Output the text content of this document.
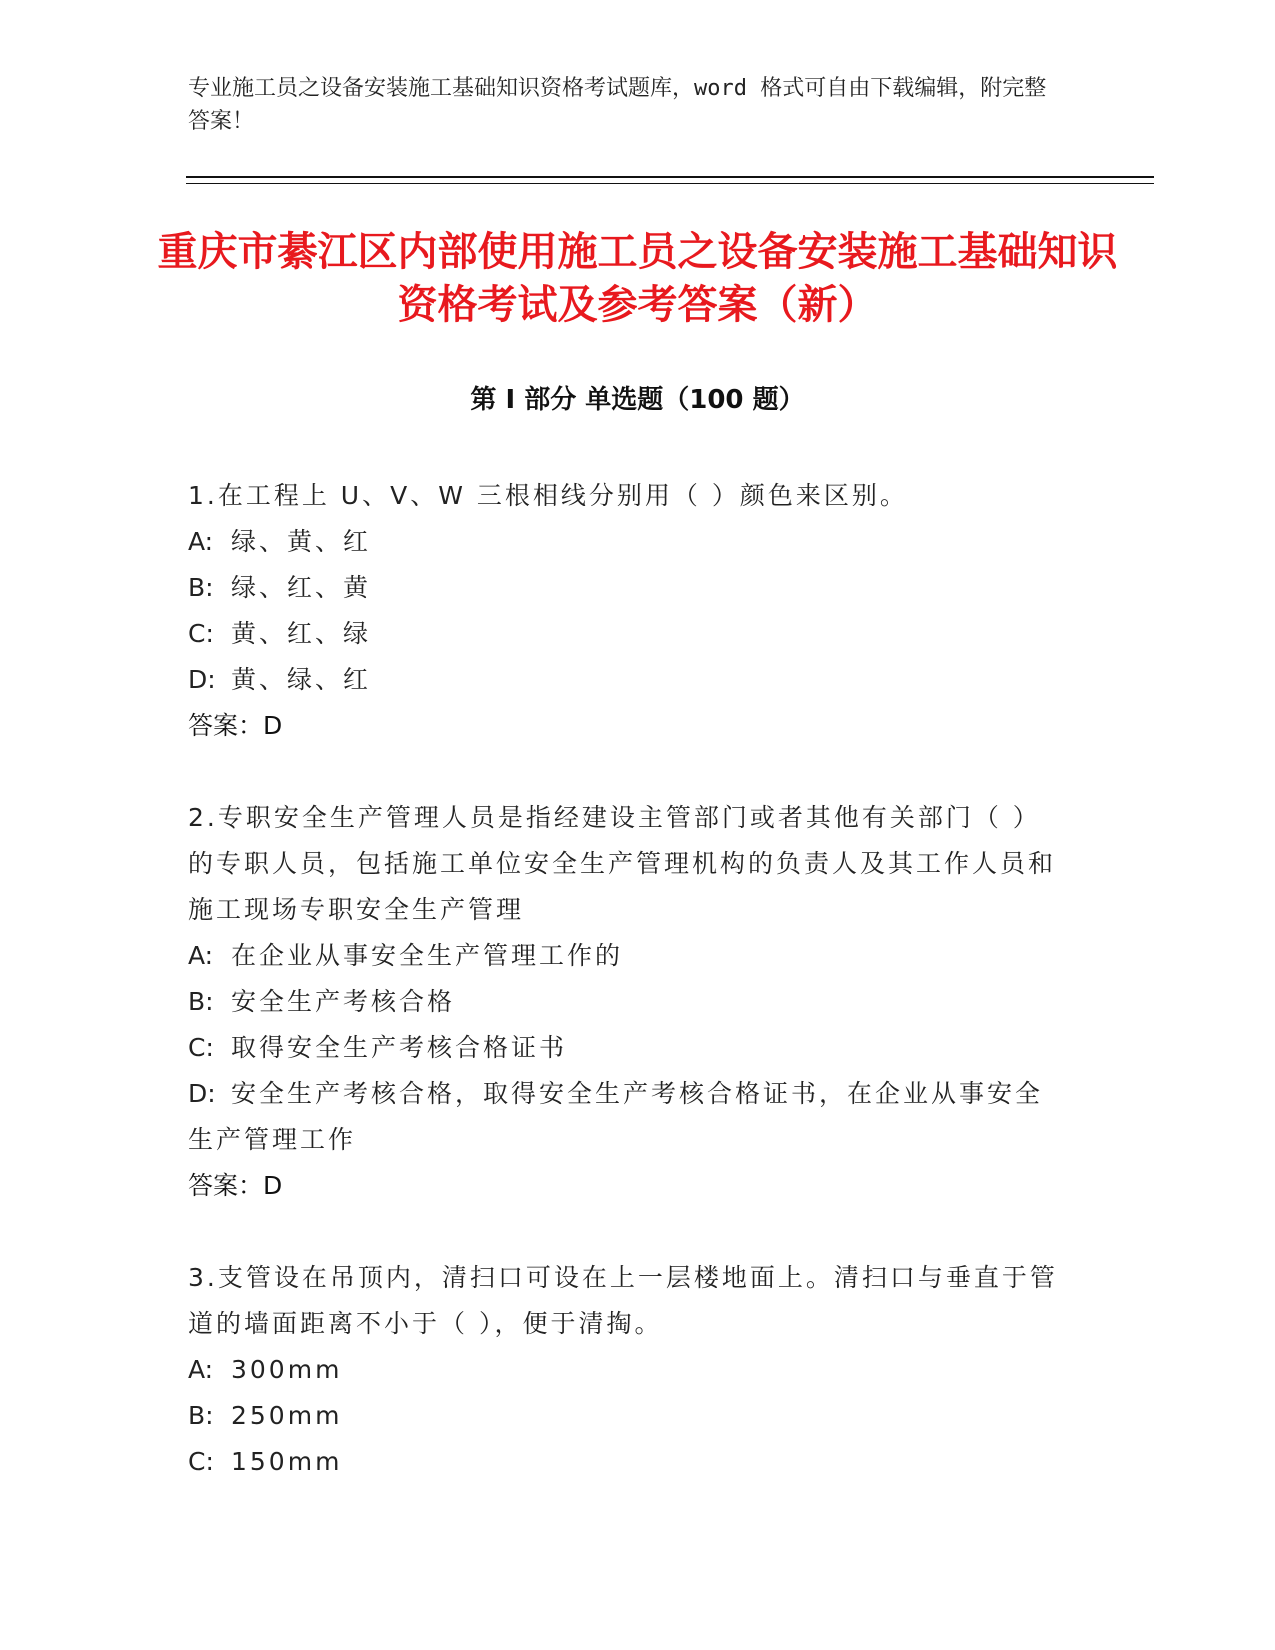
专业施工员之设备安装施工基础知识资格考试题库，word 格式可自由下载编辑，附完整答案！
重庆市綦江区内部使用施工员之设备安装施工基础知识资格考试及参考答案（新）
第 I 部分 单选题（100 题）

1.在工程上 U、V、W 三根相线分别用（ ）颜色来区别。

A: 绿、黄、红

B: 绿、红、黄

C: 黄、红、绿

D: 黄、绿、红

答案：D

2.专职安全生产管理人员是指经建设主管部门或者其他有关部门（ ）的专职人员，包括施工单位安全生产管理机构的负责人及其工作人员和施工现场专职安全生产管理

A: 在企业从事安全生产管理工作的

B: 安全生产考核合格

C: 取得安全生产考核合格证书

D: 安全生产考核合格，取得安全生产考核合格证书，在企业从事安全生产管理工作

答案：D

3.支管设在吊顶内，清扫口可设在上一层楼地面上。清扫口与垂直于管道的墙面距离不小于（ ），便于清掏。

A: 300mm

B: 250mm

C: 150mm
